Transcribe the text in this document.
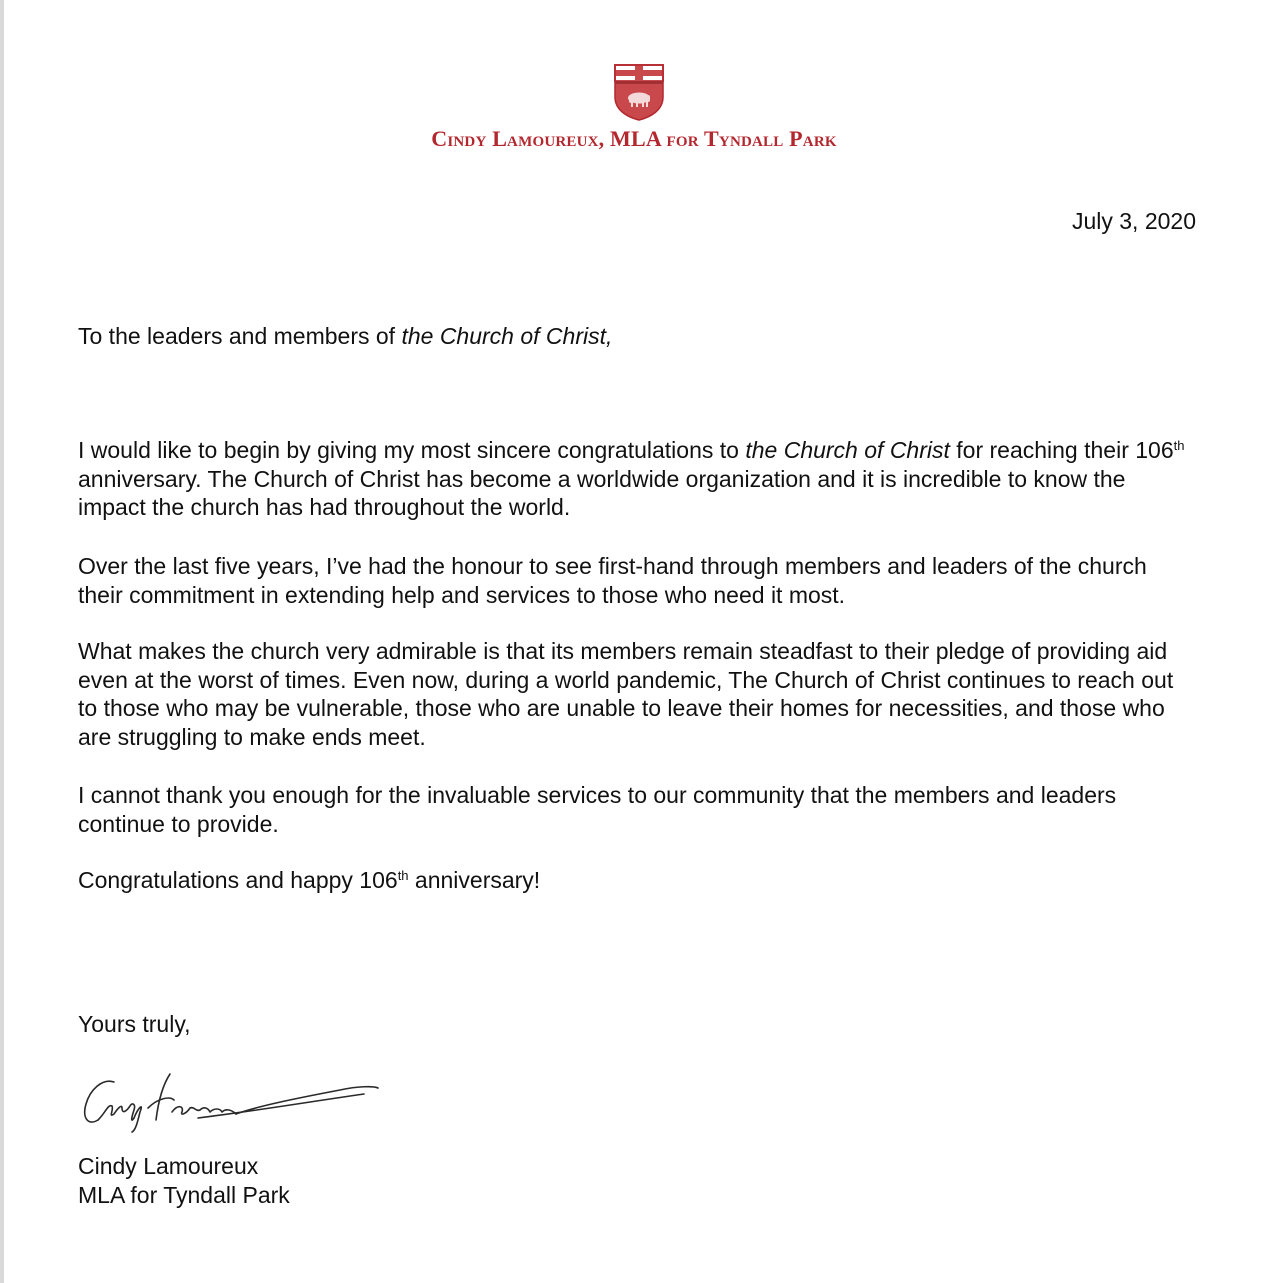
Cindy Lamoureux, MLA for Tyndall Park
July 3, 2020

To the leaders and members of the Church of Christ,

I would like to begin by giving my most sincere congratulations to the Church of Christ for reaching their 106th anniversary. The Church of Christ has become a worldwide organization and it is incredible to know the impact the church has had throughout the world.

Over the last five years, I’ve had the honour to see first-hand through members and leaders of the church their commitment in extending help and services to those who need it most.

What makes the church very admirable is that its members remain steadfast to their pledge of providing aid even at the worst of times. Even now, during a world pandemic, The Church of Christ continues to reach out to those who may be vulnerable, those who are unable to leave their homes for necessities, and those who are struggling to make ends meet.

I cannot thank you enough for the invaluable services to our community that the members and leaders continue to provide.

Congratulations and happy 106th anniversary!

Yours truly,

Cindy Lamoureux

MLA for Tyndall Park
